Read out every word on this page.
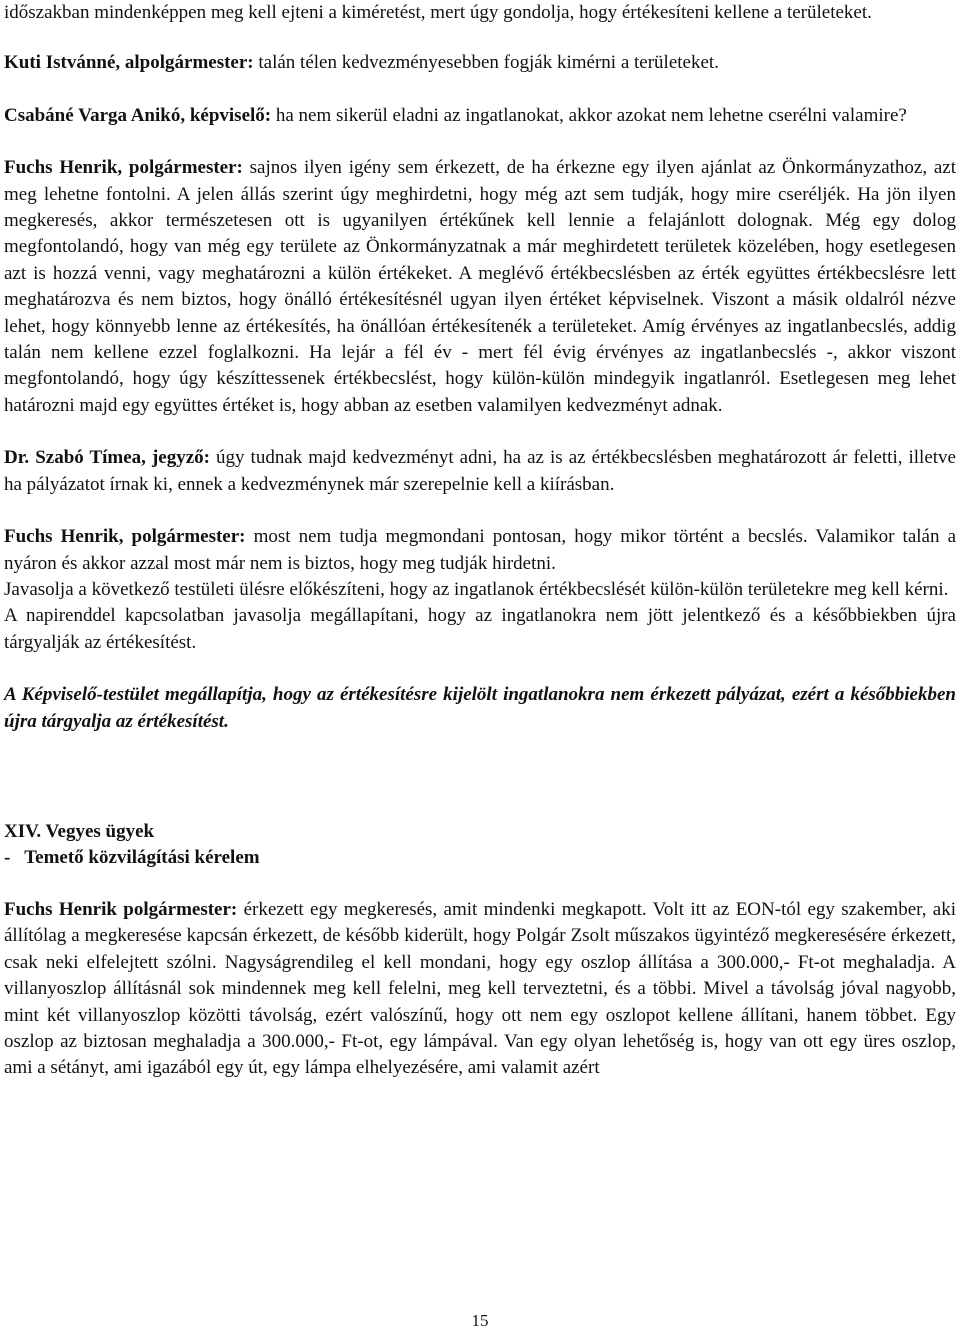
időszakban mindenképpen meg kell ejteni a kiméretést, mert úgy gondolja, hogy értékesíteni kellene a területeket.

Kuti Istvánné, alpolgármester: talán télen kedvezményesebben fogják kimérni a területeket.

Csabáné Varga Anikó, képviselő: ha nem sikerül eladni az ingatlanokat, akkor azokat nem lehetne cserélni valamire?

Fuchs Henrik, polgármester: sajnos ilyen igény sem érkezett, de ha érkezne egy ilyen ajánlat az Önkormányzathoz, azt meg lehetne fontolni. A jelen állás szerint úgy meghirdetni, hogy még azt sem tudják, hogy mire cseréljék. Ha jön ilyen megkeresés, akkor természetesen ott is ugyanilyen értékűnek kell lennie a felajánlott dolognak. Még egy dolog megfontolandó, hogy van még egy területe az Önkormányzatnak a már meghirdetett területek közelében, hogy esetlegesen azt is hozzá venni, vagy meghatározni a külön értékeket. A meglévő értékbecslésben az érték együttes értékbecslésre lett meghatározva és nem biztos, hogy önálló értékesítésnél ugyan ilyen értéket képviselnek. Viszont a másik oldalról nézve lehet, hogy könnyebb lenne az értékesítés, ha önállóan értékesítenék a területeket. Amíg érvényes az ingatlanbecslés, addig talán nem kellene ezzel foglalkozni. Ha lejár a fél év - mert fél évig érvényes az ingatlanbecslés -, akkor viszont megfontolandó, hogy úgy készíttessenek értékbecslést, hogy külön-külön mindegyik ingatlanról. Esetlegesen meg lehet határozni majd egy együttes értéket is, hogy abban az esetben valamilyen kedvezményt adnak.

Dr. Szabó Tímea, jegyző: úgy tudnak majd kedvezményt adni, ha az is az értékbecslésben meghatározott ár feletti, illetve ha pályázatot írnak ki, ennek a kedvezménynek már szerepelnie kell a kiírásban.

Fuchs Henrik, polgármester: most nem tudja megmondani pontosan, hogy mikor történt a becslés. Valamikor talán a nyáron és akkor azzal most már nem is biztos, hogy meg tudják hirdetni.

Javasolja a következő testületi ülésre előkészíteni, hogy az ingatlanok értékbecslését külön-külön területekre meg kell kérni.

A napirenddel kapcsolatban javasolja megállapítani, hogy az ingatlanokra nem jött jelentkező és a későbbiekben újra tárgyalják az értékesítést.

A Képviselő-testület megállapítja, hogy az értékesítésre kijelölt ingatlanokra nem érkezett pályázat, ezért a későbbiekben újra tárgyalja az értékesítést.

XIV. Vegyes ügyek
-   Temető közvilágítási kérelem

Fuchs Henrik polgármester: érkezett egy megkeresés, amit mindenki megkapott. Volt itt az EON-tól egy szakember, aki állítólag a megkeresése kapcsán érkezett, de később kiderült, hogy Polgár Zsolt műszakos ügyintéző megkeresésére érkezett, csak neki elfelejtett szólni. Nagyságrendileg el kell mondani, hogy egy oszlop állítása a 300.000,- Ft-ot meghaladja. A villanyoszlop állításnál sok mindennek meg kell felelni, meg kell terveztetni, és a többi. Mivel a távolság jóval nagyobb, mint két villanyoszlop közötti távolság, ezért valószínű, hogy ott nem egy oszlopot kellene állítani, hanem többet. Egy oszlop az biztosan meghaladja a 300.000,- Ft-ot, egy lámpával. Van egy olyan lehetőség is, hogy van ott egy üres oszlop, ami a sétányt, ami igazából egy út, egy lámpa elhelyezésére, ami valamit azért

15
